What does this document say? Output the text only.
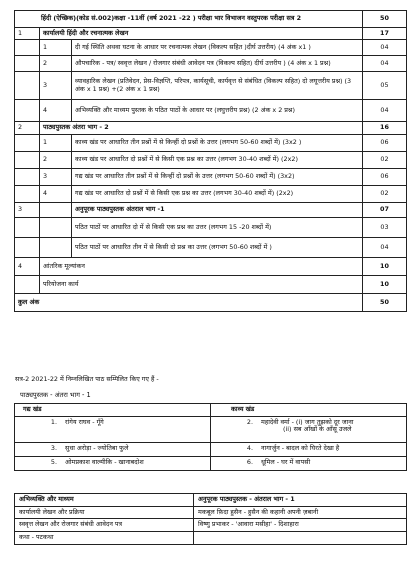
हिंदी (ऐच्छिक)(कोड सं.002)कक्षा -11वीं (वर्ष 2021 -22 ) परीक्षा भार विभाजन वस्तुपरक परीक्षा सत्र 2			50
1	कार्यालयी हिंदी और रचनात्मक लेखन		17
	1	दी गई स्थिति अथवा घटना के आधार पर रचनात्मक लेखन (विकल्प सहित )दीर्घ उत्तरीय) (4 अंक x1 )	04
	2	औपचारिक - पत्र/ स्ववृत्त लेखन / रोजगार संबंधी आवेदन पत्र (विकल्प सहित) दीर्घ उत्तरीय ) (4 अंक x 1 प्रश्न)	04
	3	व्यावहारिक लेखन (प्रतिवेदन, प्रेस-विज्ञप्ति, परिपत्र, कार्यसूची, कार्यवृत्त से संबंधित (विकल्प सहित) दो लघूत्तरीय प्रश्न) (3 अंक x 1 प्रश्न) +(2 अंक x 1 प्रश्न)	05
	4	अभिव्यक्ति और माध्यम पुस्तक के पठित पाठों के आधार पर (लघुत्तरीय प्रश्न) (2 अंक x 2 प्रश्न)	04
2	पाठ्यपुस्तक अंतरा भाग - 2		16
	1	काव्य खंड पर आधारित तीन प्रश्नों में से किन्हीं दो प्रश्नों के उत्तर (लगभग 50-60 शब्दों में) (3x2 )	06
	2	काव्य खंड पर आधारित दो प्रश्नों में से किसी एक प्रश्न का उत्तर (लगभग 30-40 शब्दों में) (2x2)	02
	3	गद्य खंड पर आधारित तीन प्रश्नों में से किन्हीं दो प्रश्नों के उत्तर (लगभग 50-60 शब्दों में) (3x2)	06
	4	गद्य खंड पर आधारित दो प्रश्नों में से किसी एक प्रश्न का उत्तर (लगभग 30-40 शब्दों में) (2x2)	02
3		अनुपूरक पाठ्यपुस्तक अंतराल भाग -1	07
		पठित पाठों पर आधारित दो में से किसी एक प्रश्न का उत्तर (लगभग 15 -20 शब्दों में)	03
		पठित पाठों पर आधारित तीन में से किसी दो प्रश्न का उत्तर (लगभग 50-60 शब्दों में )	04
4	आंतरिक मूल्यांकन		10
	परियोजना कार्य		10
कुल अंक			50
सत्र-2 2021-22 में निम्नलिखित पाठ सम्मिलित किए गए हैं -
पाठ्यपुस्तक - अंतरा भाग - 1
गद्य खंड	काव्य खंड
1. रांगेय राघव - गूँगे	2. महादेवी वर्मा - (i) जाग तुझको दूर जाना
(ii) सब आँखों के आँसू उजले

3. सुधा अरोड़ा - ज्योतिबा फुले	4. नागार्जुन - बादल को घिरते देखा है
5. ओमप्रकाश वाल्मीकि - खानाबदोश	6. धूमिल - घर में वापसी
अभिव्यक्ति और माध्यम	अनुपूरक पाठ्यपुस्तक - अंतराल भाग - 1
कार्यालयी लेखन और प्रक्रिया	मकबूल फ़िदा हुसैन - हुसैन की कहानी अपनी ज़बानी
स्ववृत्त लेखन और रोजगार संबंधी आवेदन पत्र	विष्णु प्रभाकर - 'आवारा मसीहा' - दिशाहारा
कथा - पटकथा	
